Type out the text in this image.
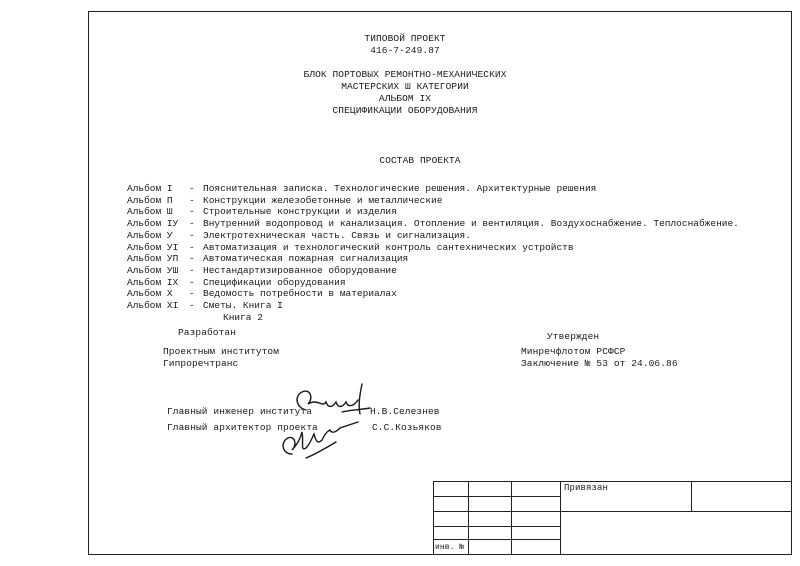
ТИПОВОЙ ПРОЕКТ
416-7-249.87
БЛОК ПОРТОВЫХ РЕМОНТНО-МЕХАНИЧЕСКИХ
МАСТЕРСКИХ Ш КАТЕГОРИИ
АЛЬБОМ IX
СПЕЦИФИКАЦИИ ОБОРУДОВАНИЯ
СОСТАВ ПРОЕКТА
Альбом I	- Пояснительная записка. Технологические решения. Архитектурные решения
Альбом П	- Конструкции железобетонные и металлические
Альбом Ш	- Строительные конструкции и изделия
Альбом IУ	- Внутренний водопровод и канализация. Отопление и вентиляция. Воздухоснабжение. Теплоснабжение.
Альбом У	- Электротехническая часть. Связь и сигнализация.
Альбом УI	- Автоматизация и технологический контроль сантехнических устройств
Альбом УП	- Автоматическая пожарная сигнализация
Альбом УШ	- Нестандартизированное оборудование
Альбом IX	- Спецификации оборудования
Альбом X	- Ведомость потребности в материалах
Альбом XI	- Сметы. Книга I
Книга 2
Разработан
Проектным институтом
Гипроречтранс
Утвержден
Минречфлотом РСФСР
Заключение № 53 от 24.06.86
Главный инженер института	Н.В.Селезнев
Главный архитектор проекта	С.С.Козьяков
Привязан
инв. №
